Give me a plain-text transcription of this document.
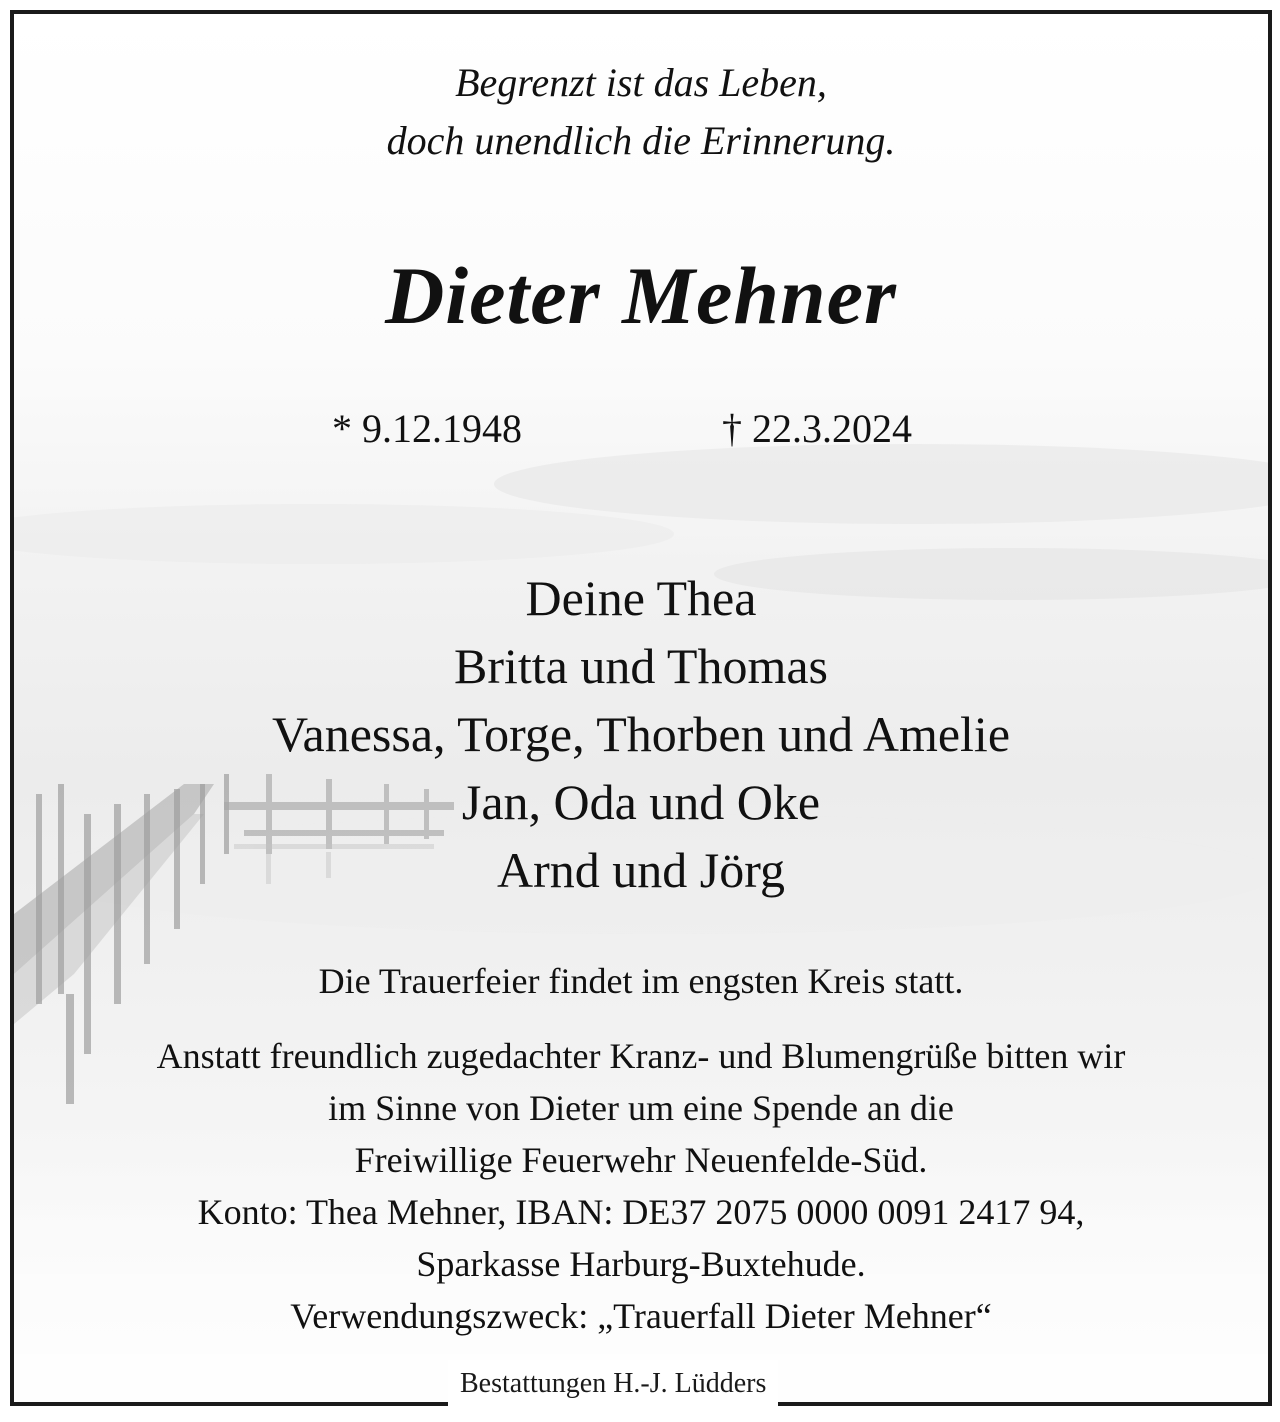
Begrenzt ist das Leben,
doch unendlich die Erinnerung.
Dieter Mehner
* 9.12.1948	† 22.3.2024
Deine Thea
Britta und Thomas
Vanessa, Torge, Thorben und Amelie
Jan, Oda und Oke
Arnd und Jörg
Die Trauerfeier findet im engsten Kreis statt.
Anstatt freundlich zugedachter Kranz- und Blumengrüße bitten wir
im Sinne von Dieter um eine Spende an die
Freiwillige Feuerwehr Neuenfelde-Süd.
Konto: Thea Mehner, IBAN: DE37 2075 0000 0091 2417 94,
Sparkasse Harburg-Buxtehude.
Verwendungszweck: „Trauerfall Dieter Mehner“
Bestattungen H.-J. Lüdders
